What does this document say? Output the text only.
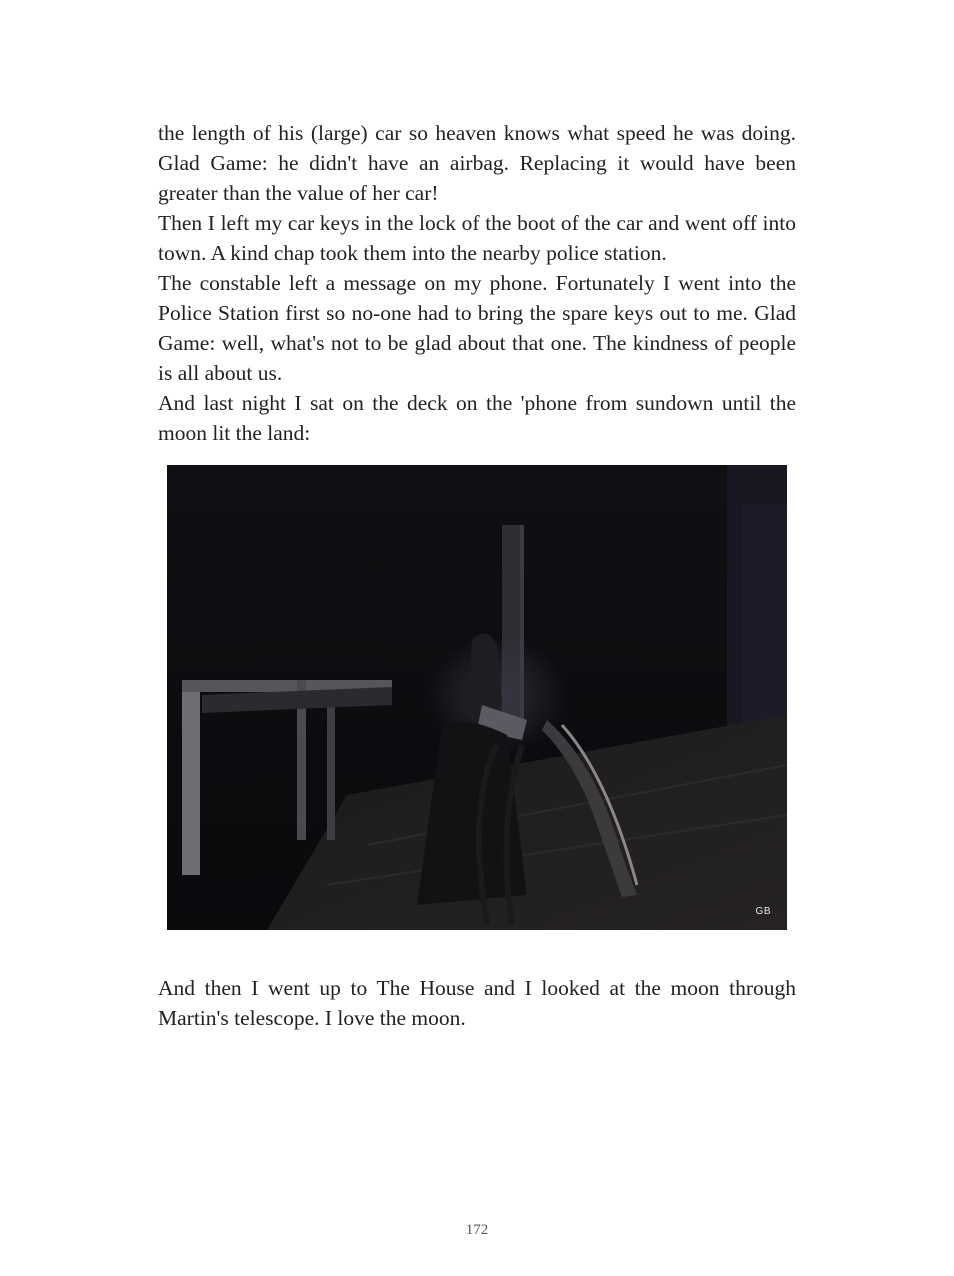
the length of his (large) car so heaven knows what speed he was doing. Glad Game: he didn't have an airbag. Replacing it would have been greater than the value of her car!

Then I left my car keys in the lock of the boot of the car and went off into town. A kind chap took them into the nearby police station.

The constable left a message on my phone. Fortunately I went into the Police Station first so no-one had to bring the spare keys out to me. Glad Game: well, what's not to be glad about that one. The kindness of people is all about us.

And last night I sat on the deck on the 'phone from sundown until the moon lit the land:

GB

And then I went up to The House and I looked at the moon through Martin's telescope. I love the moon.

172
